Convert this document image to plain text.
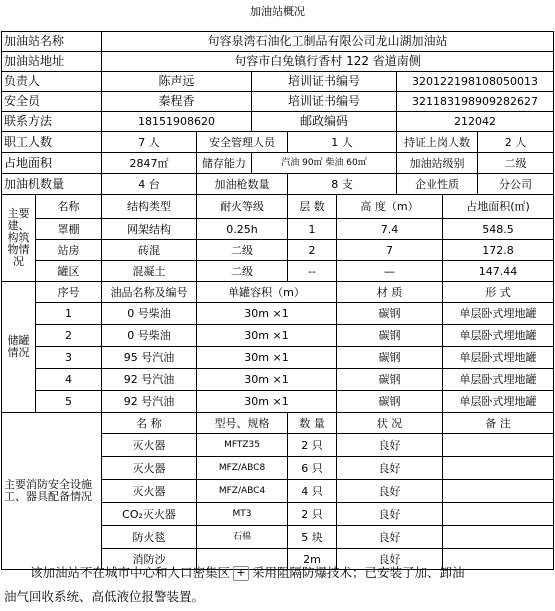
加油站概况
加油站名称		句容泉湾石油化工制品有限公司龙山湖加油站							
加油站地址		句容市白兔镇行香村 122 省道南侧							
负责人		陈声远		培训证书编号			320122198108050013		
安全员		秦程香		培训证书编号			321183198909282627		
联系方法		18151908620		邮政编码			212042		
职工人数		7 人	安全管理人员		1 人		持证上岗人数		2 人
占地面积		2847㎡	储存能力	汽油 90㎡ 柴油 60㎡			加油站级别		二级
加油机数量		4 台	加油枪数量		8 支		企业性质		分公司
主要建、构筑物情况	名称	结构类型	耐火等级		层 数	高 度（m）		占地面积(㎡)	
	罩棚	网架结构	0.25h		1	7.4		548.5	
	站房	砖混	二级		2	7		172.8	
	罐区	混凝土	二级		--	—		147.44	
储罐情况	序号	油品名称及编号	单罐容积（m）			材 质		形 式	
	1	0 号柴油	30m ×1			碳钢		单层卧式埋地罐	
	2	0 号柴油	30m ×1			碳钢		单层卧式埋地罐	
	3	95 号汽油	30m ×1			碳钢		单层卧式埋地罐	
	4	92 号汽油	30m ×1			碳钢		单层卧式埋地罐	
	5	92 号汽油	30m ×1			碳钢		单层卧式埋地罐	
主要消防安全设施工、器具配备情况		名 称	型号、规格		数 量	状 况		备 注	
		灭火器	MFTZ35		2 只	良好			
		灭火器	MFZ/ABC8		6 只	良好			
		灭火器	MFZ/ABC4		4 只	良好			
		CO₂灭火器	MT3		2 只	良好			
		防火毯	石棉		5 块	良好			
		消防沙			2m	良好			
该加油站不在城市中心和人口密集区 + 采用阻隔防爆技术；已安装了加、卸油
油气回收系统、高低液位报警装置。
